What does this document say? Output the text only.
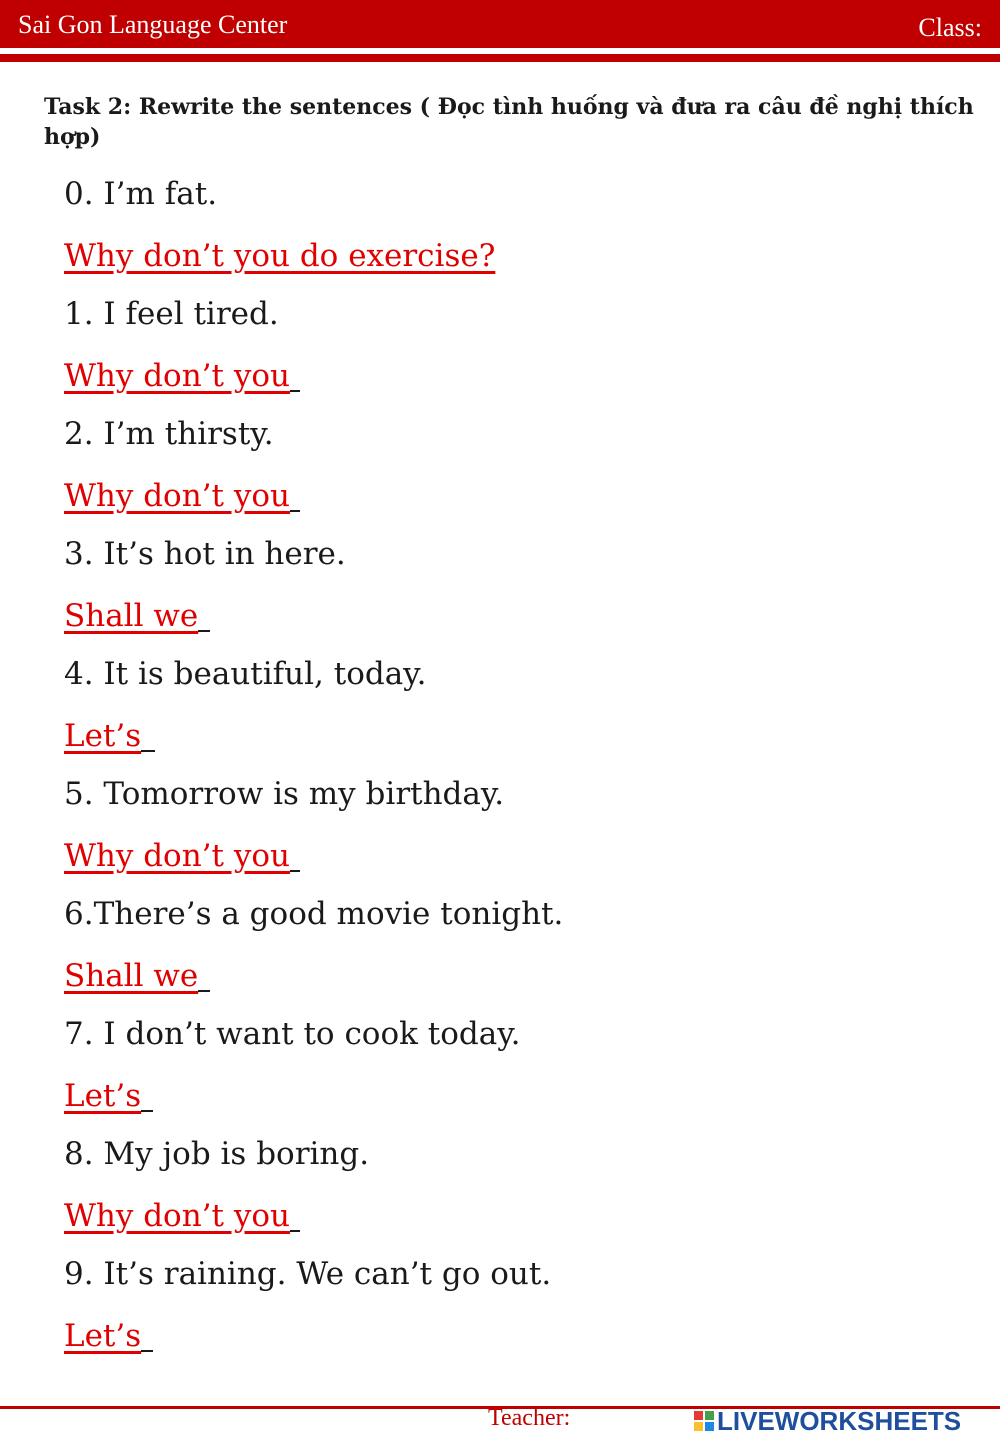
Sai Gon Language Center	Class:
Task 2: Rewrite the sentences ( Đọc tình huống và đưa ra câu đề nghị thích hợp)
0. I’m fat.
Why don’t you do exercise?
1. I feel tired.
Why don’t you
2. I’m thirsty.
Why don’t you
3. It’s hot in here.
Shall we
4. It is beautiful, today.
Let’s
5. Tomorrow is my birthday.
Why don’t you
6.There’s a good movie tonight.
Shall we
7. I don’t want to cook today.
Let’s
8. My job is boring.
Why don’t you
9. It’s raining. We can’t go out.
Let’s
Teacher:	LIVEWORKSHEETS
